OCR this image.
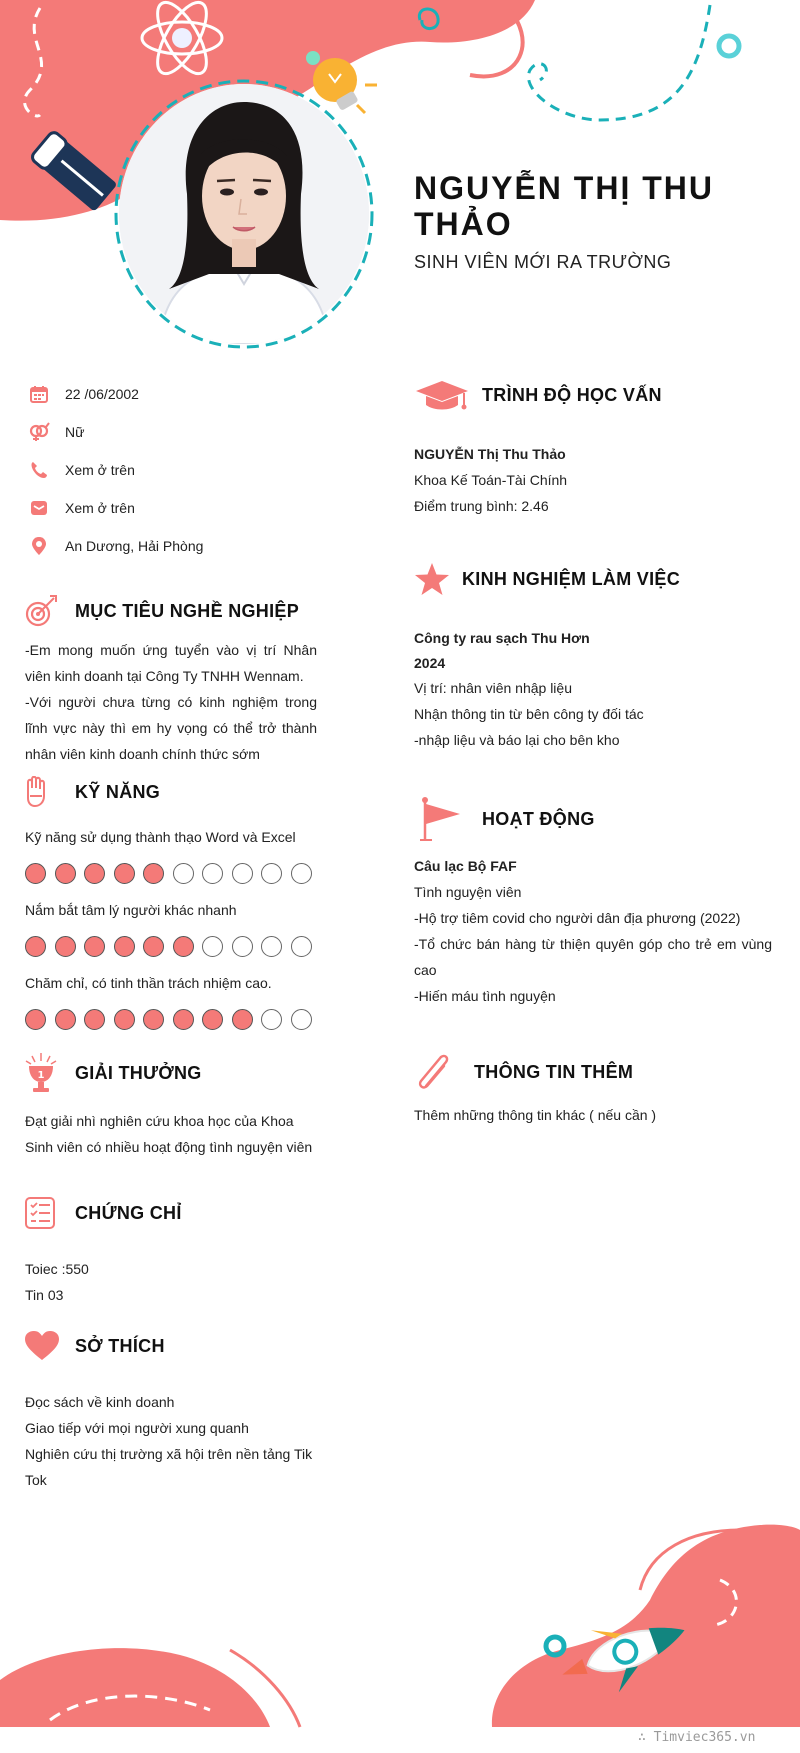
NGUYỄN THỊ THU THẢO
SINH VIÊN MỚI RA TRƯỜNG
22 /06/2002
Nữ
Xem ở trên
Xem ở trên
An Dương, Hải Phòng
MỤC TIÊU NGHỀ NGHIỆP
-Em mong muốn ứng tuyển vào vị trí Nhân viên kinh doanh tại Công Ty TNHH Wennam.
-Với người chưa từng có kinh nghiệm trong lĩnh vực này thì em hy vọng có thể trở thành nhân viên kinh doanh chính thức sớm
KỸ NĂNG
Kỹ năng sử dụng thành thạo Word và Excel
Nắm bắt tâm lý người khác nhanh
Chăm chỉ, có tinh thần trách nhiệm cao.
1 GIẢI THƯỞNG
Đạt giải nhì nghiên cứu khoa học của Khoa
Sinh viên có nhiều hoạt động tình nguyện viên
CHỨNG CHỈ
Toiec :550
Tin 03
SỞ THÍCH
Đọc sách về kinh doanh
Giao tiếp với mọi người xung quanh
Nghiên cứu thị trường xã hội trên nền tảng Tik Tok
TRÌNH ĐỘ HỌC VẤN
NGUYỄN Thị Thu Thảo
Khoa Kế Toán-Tài Chính
Điểm trung bình: 2.46
KINH NGHIỆM LÀM VIỆC
Công ty rau sạch Thu Hơn
2024
Vị trí: nhân viên nhập liệu
Nhận thông tin từ bên công ty đối tác
-nhập liệu và báo lại cho bên kho
HOẠT ĐỘNG
Câu lạc Bộ FAF
Tình nguyện viên
-Hộ trợ tiêm covid cho người dân địa phương (2022)
-Tổ chức bán hàng từ thiện quyên góp cho trẻ em vùng cao
-Hiến máu tình nguyện
THÔNG TIN THÊM
Thêm những thông tin khác ( nếu cần )
∴ Timviec365.vn
